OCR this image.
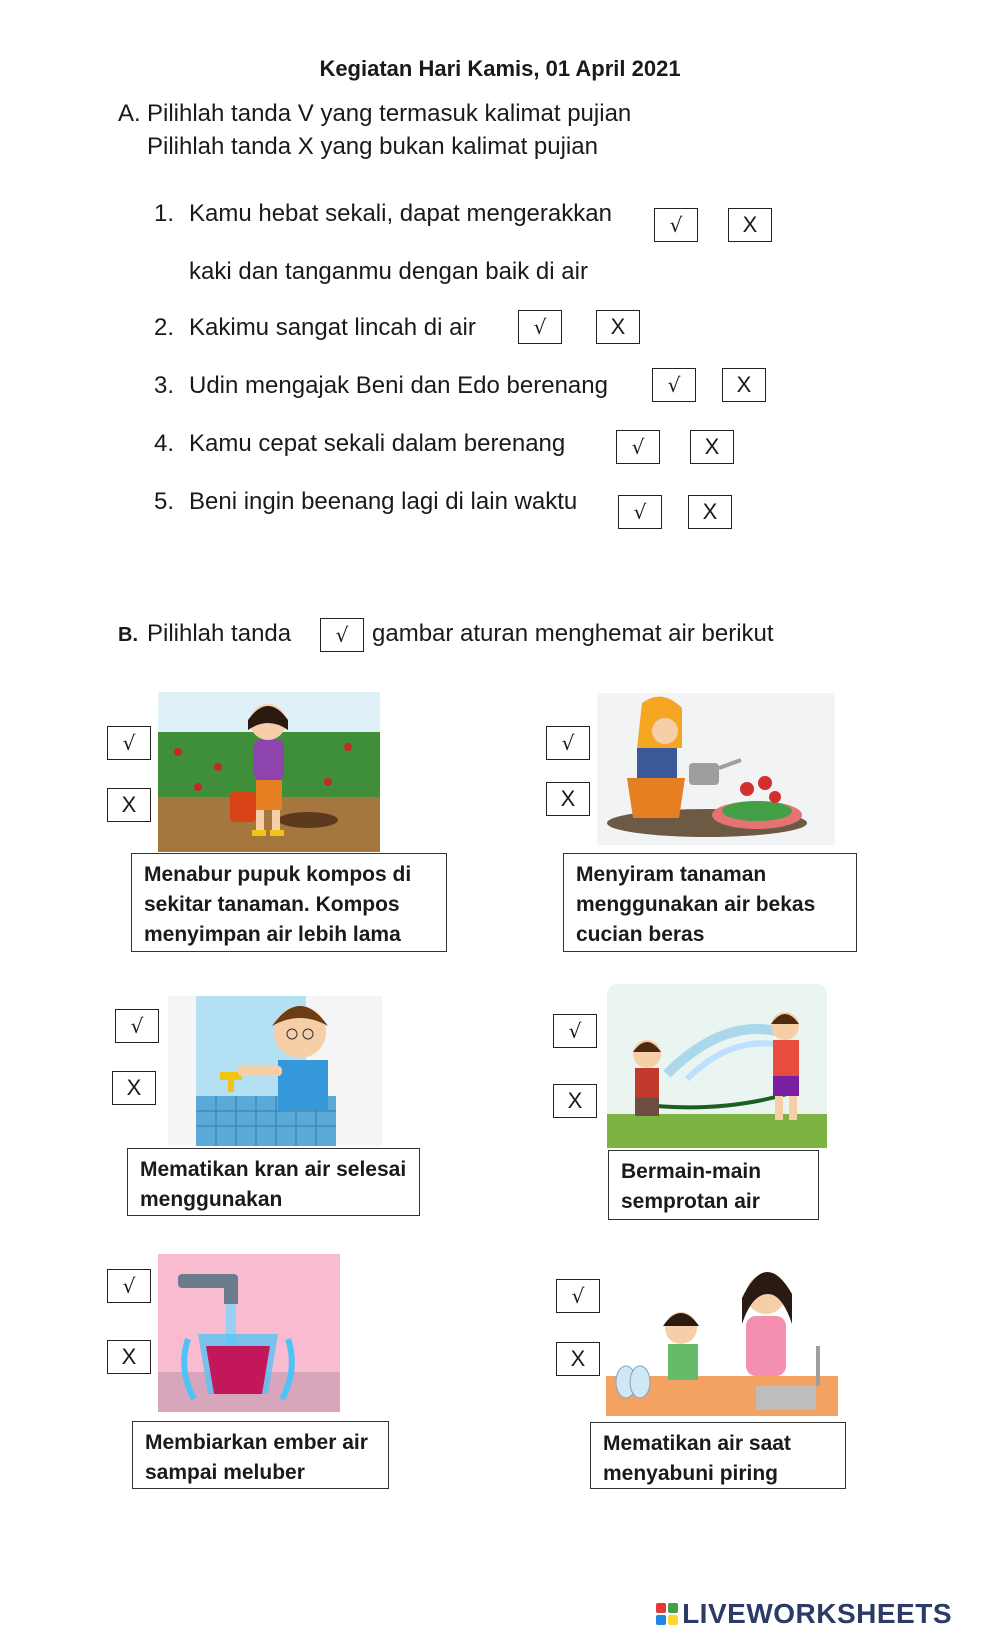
Kegiatan Hari Kamis, 01 April 2021
A. Pilihlah tanda V yang termasuk kalimat pujian
Pilihlah tanda X yang bukan kalimat pujian
1. Kamu hebat sekali, dapat mengerakkan
kaki dan tanganmu dengan baik di air
√	X
2. Kakimu sangat lincah di air	√	X
3. Udin mengajak Beni dan Edo berenang	√	X
4. Kamu cepat sekali dalam berenang	√	X
5. Beni ingin beenang lagi di lain waktu	√	X
B. Pilihlah tanda	√ gambar aturan menghemat air berikut
√
X
Menabur pupuk kompos di sekitar tanaman. Kompos menyimpan air lebih lama
√
X
Menyiram tanaman menggunakan air bekas cucian beras
√
X
Mematikan kran air selesai menggunakan
√
X
Bermain-main semprotan air
√
X
Membiarkan ember air sampai meluber
√
X
Mematikan air saat menyabuni piring
LIVEWORKSHEETS
